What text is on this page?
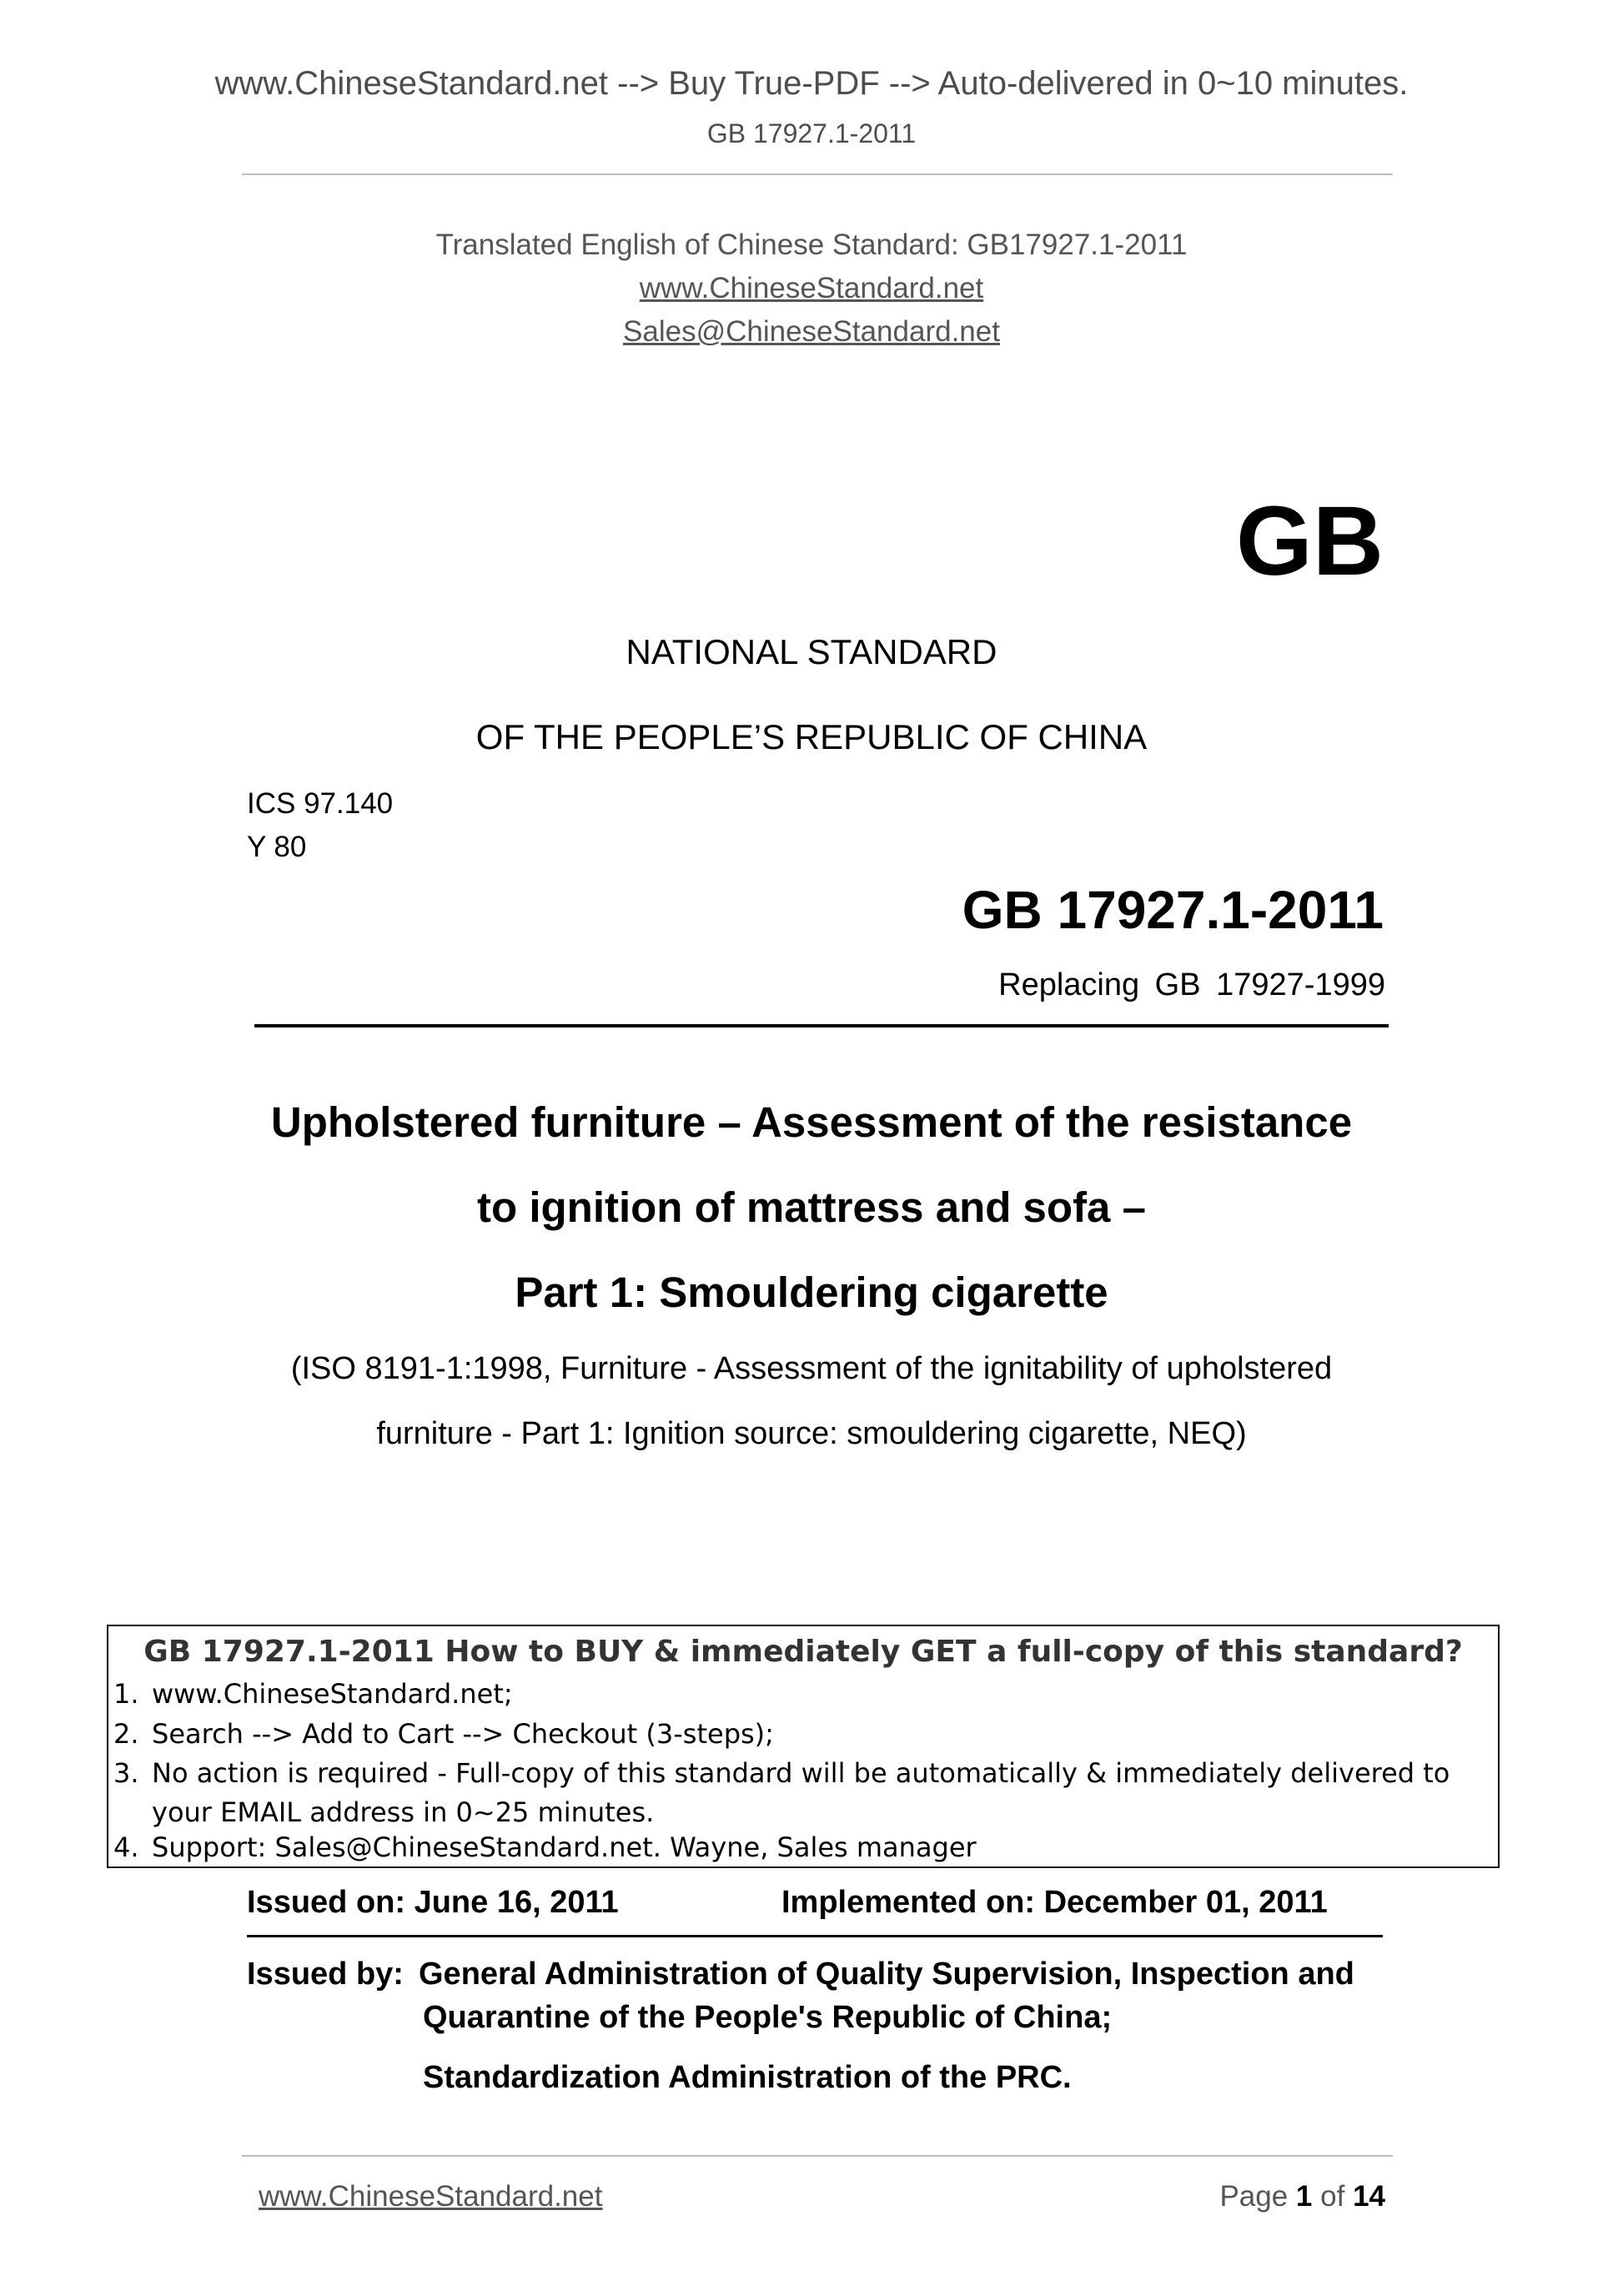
www.ChineseStandard.net --> Buy True-PDF --> Auto-delivered in 0~10 minutes.
GB 17927.1-2011
Translated English of Chinese Standard: GB17927.1-2011
www.ChineseStandard.net
Sales@ChineseStandard.net
GB
NATIONAL STANDARD
OF THE PEOPLE’S REPUBLIC OF CHINA
ICS 97.140
Y 80
GB 17927.1-2011
Replacing GB 17927-1999
Upholstered furniture – Assessment of the resistance
to ignition of mattress and sofa –
Part 1: Smouldering cigarette
(ISO 8191-1:1998, Furniture - Assessment of the ignitability of upholstered
furniture - Part 1: Ignition source: smouldering cigarette, NEQ)
GB 17927.1-2011 How to BUY & immediately GET a full-copy of this standard?
1. www.ChineseStandard.net;
2. Search --> Add to Cart --> Checkout (3-steps);
3. No action is required - Full-copy of this standard will be automatically & immediately delivered to
your EMAIL address in 0~25 minutes.
4. Support: Sales@ChineseStandard.net. Wayne, Sales manager
Issued on: June 16, 2011	Implemented on: December 01, 2011
Issued by: General Administration of Quality Supervision, Inspection and
Quarantine of the People's Republic of China;
Standardization Administration of the PRC.
www.ChineseStandard.net	Page 1 of 14
